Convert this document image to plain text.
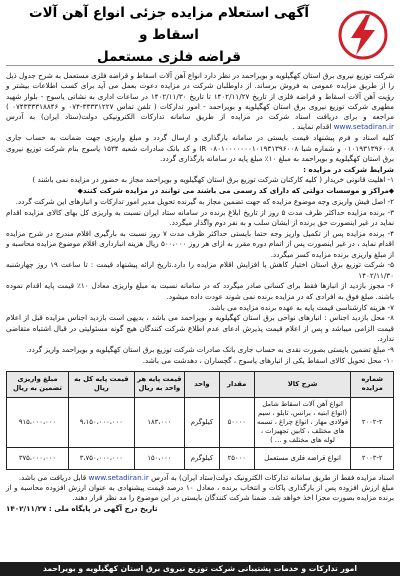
آگهی استعلام مزایده جزئی انواع آهن آلات اسقاط و
قراضه فلزی مستعمل

شرکت توزیع نیروی برق استان کهگیلویه و بویراحمد در نظر دارد انواع آهن آلات اسقاط و قراضه فلزی مستعمل به شرح جدول ذیل را از طریق مزایده عمومی به فروش برساند. از داوطلبان شرکت در مزایده دعوت بعمل می آید برای کسب اطلاعات بیشتر و رؤیت آهن آلات اسقاط و قراضه فلزی از تاریخ ۱۴۰۲/۱۱/۲۷ تا تاریخ ۱۴۰۲/۱۱/۳۰ در ساعات اداری به نشانی یاسوج - بلوار شهید مطهری شرکت توزیع نیروی برق استان کهگیلویه و بویراحمد - امور تدارکات ( تلفن تماس ۳۳۳۳۱۲۲۷-۰۷۴ و ۰۷۴۳۳۳۳۱۸۸۴۶ ) مراجعه و برای دریافت اسناد شرکت در مزایده از طریق سامانه تدارکات الکترونیکی دولت(ستاد ایران) به آدرس www.setadiran.ir اقدام نمایند .

کلیه اسناد و فرم پیشنهاد قیمت بایستی در سامانه بارگذاری و ارسال گردد و مبلغ واریزی جهت ضمانت به حساب جاری ۰۱۰۱۹۳۱۳۹۶۰۰۸ و شماره شبا IR ۰۸۰۱۰۰۰۰۰۰۰۱۰۱۹۳۱۳۹۶۰۰۸ و کد بانک سادرات شعبه ۱۵۳۴ یاسوج بنام شرکت توزیع نیروی برق استان کهگیلویه و بویراحمد به مبلغ ۱۰٪ مبلغ پایه در سامانه بارگذاری گردد.

شرایط شرکت در مزایده :

۱- اهلیت قانونی خریدار ( کلیه کارکنان شرکت توزیع برق استان کهگیلویه و بویراحمد مجاز به حضور در مزایده نمی باشند )

⬥مراکز و موسسات دولتی که دارای کد رسمی می باشند می توانند در مزایده شرکت کنند⬥

۲- اصل فیش واریزی وجه موضوع مزایده که جهت تضمین مجاز به گیرنده تحویل مدیر امور تدارکات و انبارهای این شرکت گردد.

۳- برنده مزایده حداکثر ظرف مدت ۵ روز از تاریخ ابلاغ برنده در سامانه ستاد ایران نسبت به واریزی کل بهای کالای مزایده اقدام نماید در غیر اینصورت حق برنده از ایشان سلب و به نفر دوم واگذار میگردد.

۴- برنده مزایده پس از تکمیل واریز وجه حتما بایستی حداکثر ظرف مدت ۷ روز نسبت به بارگیری اقلام مندرج در شرح مزایده اقدام نماید ، در غیر اینصورت پس از اتمام دوره مقرر به ازای هر روز ۵۰۰،۰۰۰ ریال هزینه انبارداری اقلام موضوع مزایده محاسبه و از مبلغ واریزی برنده مزایده کسر میگردد.

۵- شرکت توزیع برق استان اختیار کاهش یا افزایش اقلام مزایده را دارد.تاریخ ارائه پیشنهاد قیمت : تا ساعت ۱۹ روز چهارشنبه ۱۴۰۲/۱۱/۳۰

۶- مجوز بازدید از انبارها فقط برای کسانی صادر میگردد که در سامانه نسبت به مبلغ واریزی معادل ۱۰٪ قیمت پایه اقدام نموده باشند. مبلغ فوق به افرادی که در مزایده برنده نمی شوند عودت داده میشود.

۷- هزینه کارشناسی قیمت پایه به عهده برنده مزایده می باشد.

۸- محل بازدید اجناس : انبارهای نواحی برق استان کهگیلویه و بویراحمد می باشد ، بدیهی است بازدید اجناس مزایده قبل از اعلام قیمت الزامی میباشد و پس از اعلام قیمت پذیرش ادعای عدم اطلاع شرکت کنندگان هیچ گونه مسئولیتی در قبال اشتباه متقاضی ندارد.

۹- مبلغ تضمین بایستی بصورت نقدی به حساب جاری بانک صادرات شرکت توزیع برق استان کهگیلویه و بویراحمد واریز گردد.

۱۰- محل تحویل کالای اسقاط یکی از انبارهای یاسوج ، گچساران ، دهدشت می باشد.

شماره مزایده	شرح کالا	مقدار	واحد	قیمت پایه هر واحد به ریال	قیمت پایه کل به ریال	مبلغ واریزی تضمین به ریال
۲۰۰۲-۲	انواع آهن آلات اسقاط شامل (انواع ابنیه ، برانس، تابلو ، سیم فولادی مهار ، انواع چراغ ، تسمه های مختلف ، کابین تجهیزات ، لوله های مختلف و ... )	۵۰۰۰۰	کیلوگرم	۱۸۳،۰۰۰	۹،۱۵۰،۰۰۰،۰۰۰	۹۱۵،۰۰۰،۰۰۰
۲۰۰۳-۲	انواع قراضه فلزی مستعمل	۲۵۰۰۰	کیلوگرم	۱۵۰،۰۰۰	۳،۷۵۰،۰۰۰،۰۰۰	۳۷۵،۰۰۰،۰۰۰

اسناد مزایده فقط از طریق سامانه تدارکات الکترونیک دولت(ستاد ایران) به آدرس www.setadiran.ir قابل دریافت می باشد.

مبلغ ارزش افزوده پس از بارگذاری پاکات و انتخاب برنده ، معادل ۱۰ درصد قیمت پیشنهادی به عنوان ارزش افزوده محاسبه و از برنده مزایده بصورت مجزا اخذ خواهد شد. ضمنا شرکت کنندگان بایستی در این موضوع را مد نظر قرار دهند.

تاریخ درج آگهی در پایگاه ملی : ۱۴۰۲/۱۱/۲۷

امور تدارکات و خدمات پشتیبانی شرکت توزیع نیروی برق استان کهگیلویه و بویراحمد
